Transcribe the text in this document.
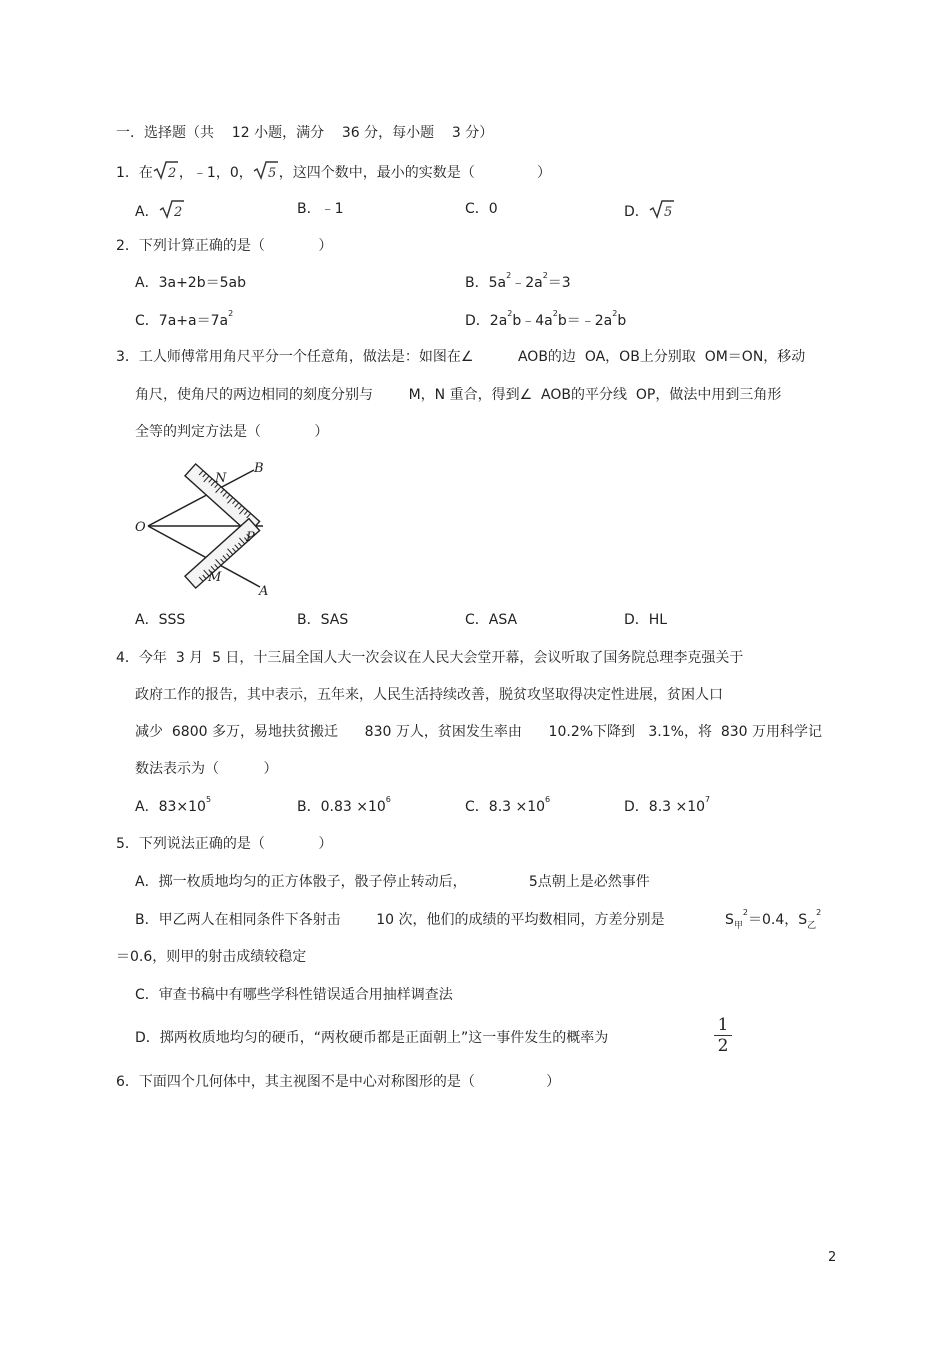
一．选择题（共    12 小题，满分    36 分，每小题    3 分）
1．在 2 ，﹣1，0， 5 ，这四个数中，最小的实数是（              ）
A． 2	B．﹣1	C．0	D． 5
2．下列计算正确的是（            ）
A．3a+2b＝5ab	B．$5a^2﹣2a^2=3$
C．$7a+a=7a^2$	D．$2a^2b﹣4a^2b=﹣2a^2b$
3．工人师傅常用角尺平分一个任意角，做法是：如图在∠          AOB的边  OA，OB上分别取  OM＝ON，移动
角尺，使角尺的两边相同的刻度分别与        M，N 重合，得到∠  AOB的平分线  OP，做法中用到三角形
全等的判定方法是（            ）
O
N
B
P
M
A
A．SSS	B．SAS	C．ASA	D．HL
4．今年  3 月  5 日，十三届全国人大一次会议在人民大会堂开幕，会议听取了国务院总理李克强关于
政府工作的报告，其中表示，五年来，人民生活持续改善，脱贫攻坚取得决定性进展，贫困人口
减少  6800 多万，易地扶贫搬迁      830 万人，贫困发生率由      10.2%下降到   3.1%，将  830 万用科学记
数法表示为（          ）
A．$83\times 10^5$	B．$0.83 \times 10^6$	C．$8.3 \times 10^6$	D．$8.3 \times 10^7$
5．下列说法正确的是（            ）
A．掷一枚质地均匀的正方体骰子，骰子停止转动后，              5点朝上是必然事件
B．甲乙两人在相同条件下各射击        10 次，他们的成绩的平均数相同，方差分别是	$S_甲^2=0.4$，$S_乙^2$
＝0.6，则甲的射击成绩较稳定
C．审查书稿中有哪些学科性错误适合用抽样调查法
D．掷两枚质地均匀的硬币，“两枚硬币都是正面朝上”这一事件发生的概率为
1
2
6．下面四个几何体中，其主视图不是中心对称图形的是（                ）
2
